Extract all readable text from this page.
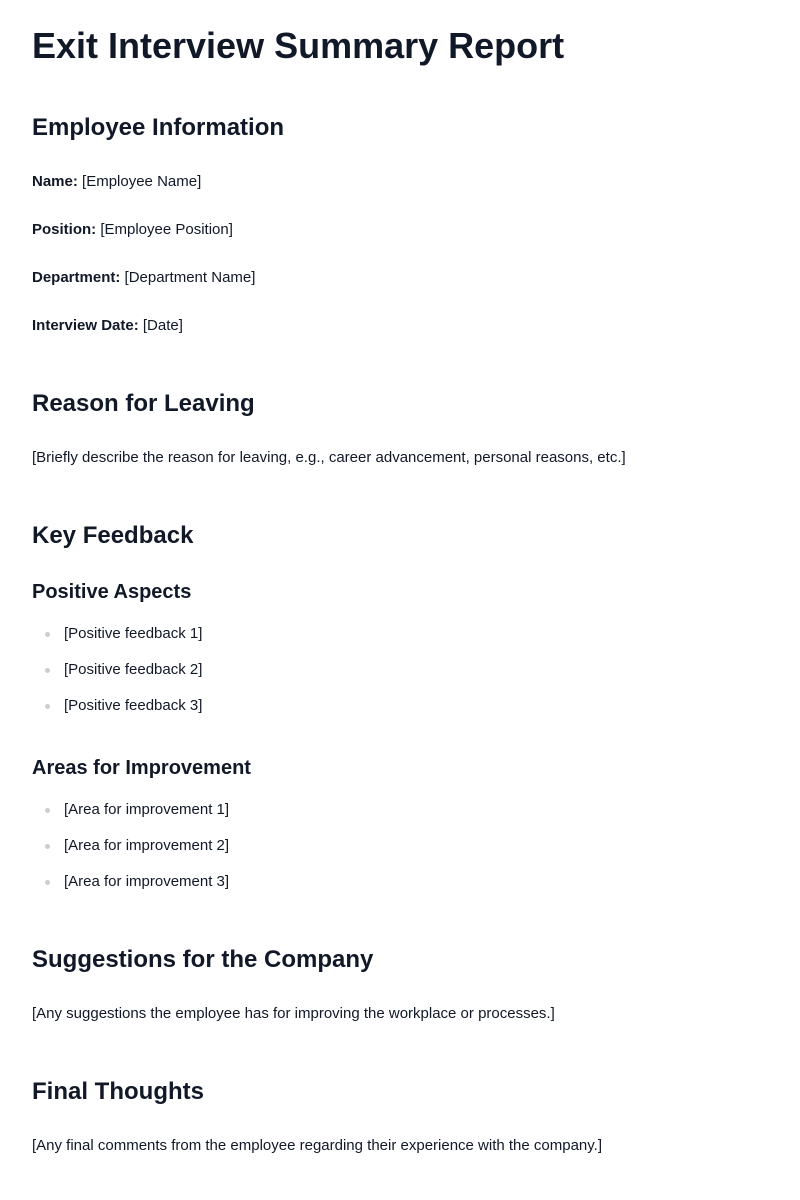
Exit Interview Summary Report
Employee Information

Name: [Employee Name]

Position: [Employee Position]

Department: [Department Name]

Interview Date: [Date]

Reason for Leaving

[Briefly describe the reason for leaving, e.g., career advancement, personal reasons, etc.]

Key Feedback
Positive Aspects
[Positive feedback 1]
[Positive feedback 2]
[Positive feedback 3]
Areas for Improvement
[Area for improvement 1]
[Area for improvement 2]
[Area for improvement 3]
Suggestions for the Company

[Any suggestions the employee has for improving the workplace or processes.]

Final Thoughts

[Any final comments from the employee regarding their experience with the company.]
